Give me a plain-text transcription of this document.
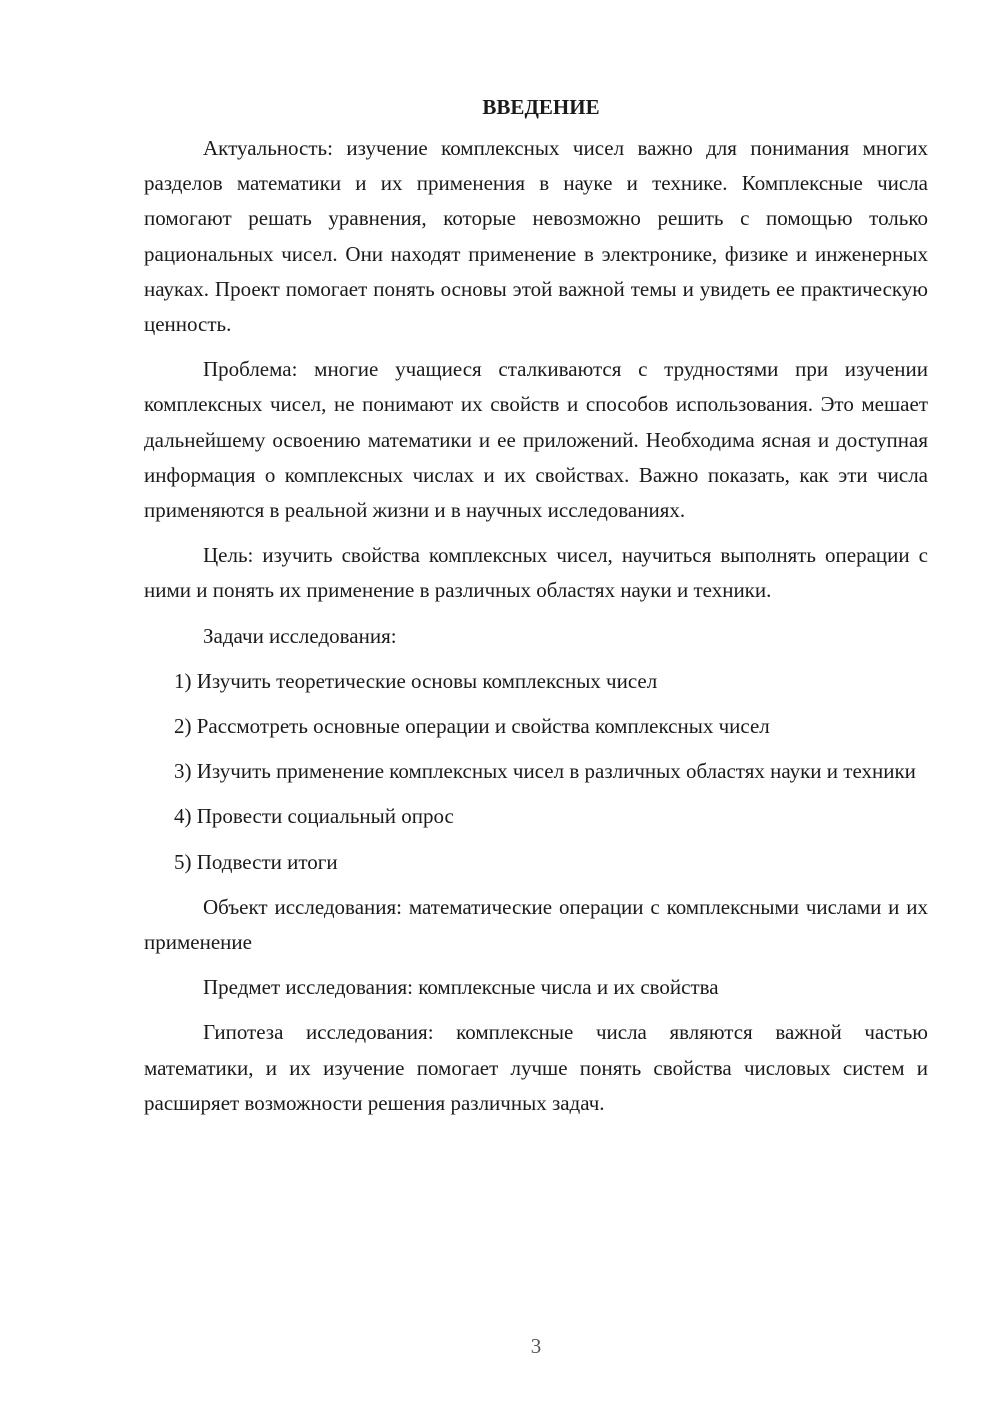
ВВЕДЕНИЕ

Актуальность: изучение комплексных чисел важно для понимания многих разделов математики и их применения в науке и технике. Комплексные числа помогают решать уравнения, которые невозможно решить с помощью только рациональных чисел. Они находят применение в электронике, физике и инженерных науках. Проект помогает понять основы этой важной темы и увидеть ее практическую ценность.

Проблема: многие учащиеся сталкиваются с трудностями при изучении комплексных чисел, не понимают их свойств и способов использования. Это мешает дальнейшему освоению математики и ее приложений. Необходима ясная и доступная информация о комплексных числах и их свойствах. Важно показать, как эти числа применяются в реальной жизни и в научных исследованиях.

Цель: изучить свойства комплексных чисел, научиться выполнять операции с ними и понять их применение в различных областях науки и техники.

Задачи исследования:

1) Изучить теоретические основы комплексных чисел

2) Рассмотреть основные операции и свойства комплексных чисел

3) Изучить применение комплексных чисел в различных областях науки и техники

4) Провести социальный опрос

5) Подвести итоги

Объект исследования: математические операции с комплексными числами и их применение

Предмет исследования: комплексные числа и их свойства

Гипотеза исследования: комплексные числа являются важной частью математики, и их изучение помогает лучше понять свойства числовых систем и расширяет возможности решения различных задач.

3
